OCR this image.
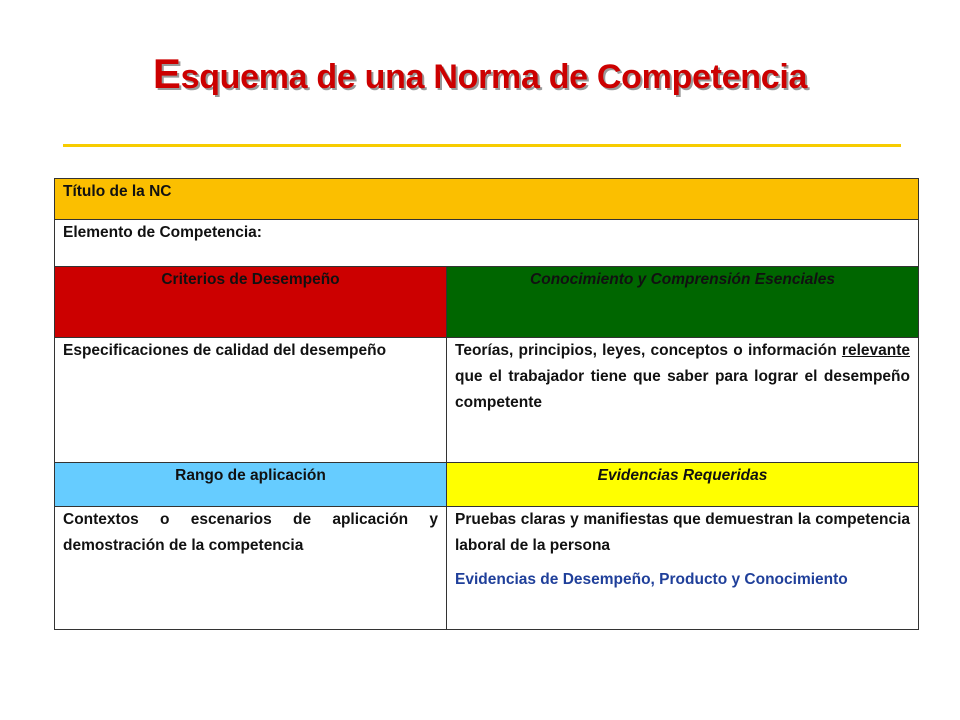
Esquema de una Norma de Competencia
Título de la NC	
Elemento de Competencia:	
Criterios de Desempeño	Conocimiento y Comprensión Esenciales
Especificaciones de calidad del desempeño	Teorías, principios, leyes, conceptos o información relevante que el trabajador tiene que saber para lograr el desempeño competente
Rango de aplicación	Evidencias Requeridas
Contextos o escenarios de aplicación y demostración de la competencia	Pruebas claras y manifiestas que demuestran la competencia laboral de la persona
Evidencias de Desempeño, Producto y Conocimiento
